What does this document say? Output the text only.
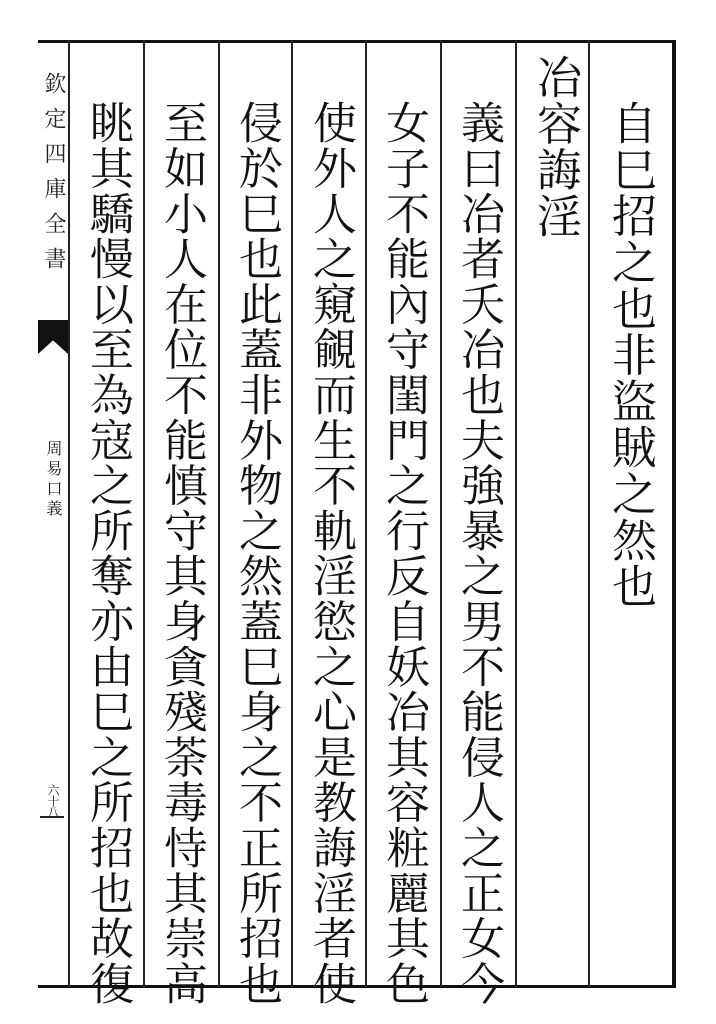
欽定四庫全書
周易口義
六十八
自巳招之也非盜賊之然也
冶容誨淫
義曰冶者夭冶也夫強暴之男不能侵人之正女今
女子不能內守閨門之行反自妖冶其容粧麗其色
使外人之窺覦而生不軌淫慾之心是教誨淫者使
侵於巳也此蓋非外物之然蓋巳身之不正所招也
至如小人在位不能慎守其身貪殘荼毒恃其崇高
眺其驕慢以至為寇之所奪亦由巳之所招也故復
